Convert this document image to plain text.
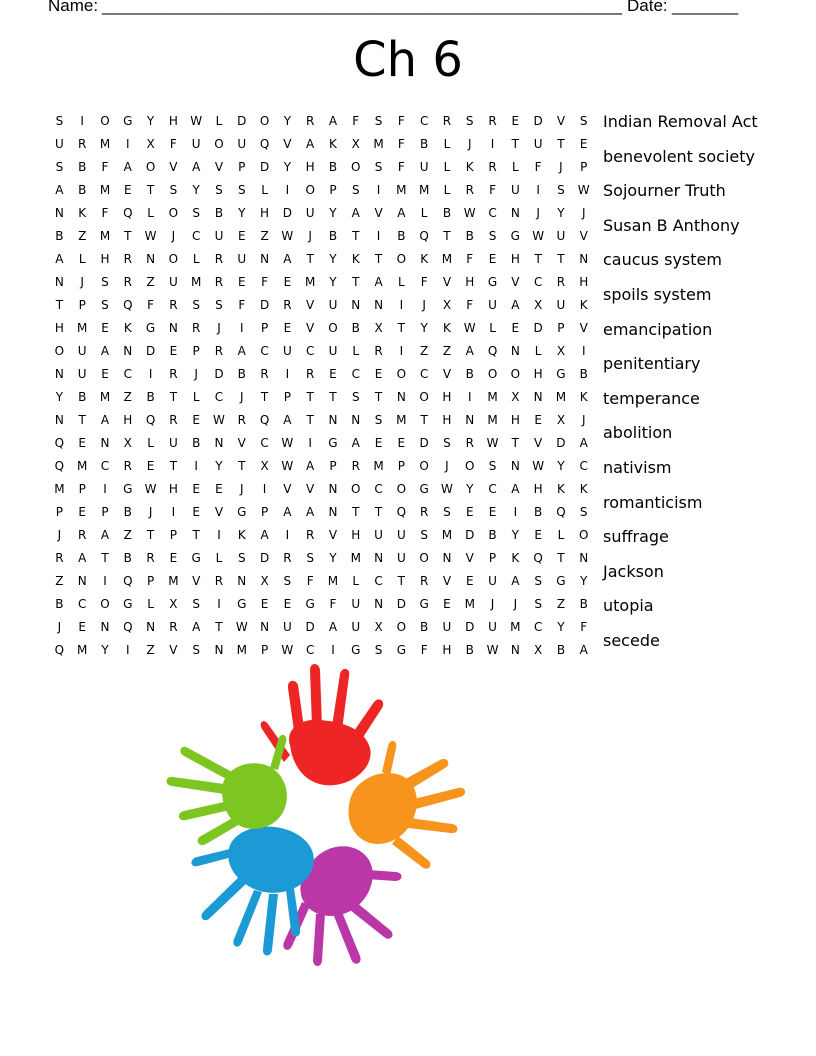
Name: _______________________________________________________ Date: _______
Ch 6
S	I	O	G	Y	H	W	L	D	O	Y	R	A	F	S	F	C	R	S	R	E	D	V	S
U	R	M	I	X	F	U	O	U	Q	V	A	K	X	M	F	B	L	J	I	T	U	T	E
S	B	F	A	O	V	A	V	P	D	Y	H	B	O	S	F	U	L	K	R	L	F	J	P
A	B	M	E	T	S	Y	S	S	L	I	O	P	S	I	M	M	L	R	F	U	I	S	W
N	K	F	Q	L	O	S	B	Y	H	D	U	Y	A	V	A	L	B	W	C	N	J	Y	J
B	Z	M	T	W	J	C	U	E	Z	W	J	B	T	I	B	Q	T	B	S	G	W	U	V
A	L	H	R	N	O	L	R	U	N	A	T	Y	K	T	O	K	M	F	E	H	T	T	N
N	J	S	R	Z	U	M	R	E	F	E	M	Y	T	A	L	F	V	H	G	V	C	R	H
T	P	S	Q	F	R	S	S	F	D	R	V	U	N	N	I	J	X	F	U	A	X	U	K
H	M	E	K	G	N	R	J	I	P	E	V	O	B	X	T	Y	K	W	L	E	D	P	V
O	U	A	N	D	E	P	R	A	C	U	C	U	L	R	I	Z	Z	A	Q	N	L	X	I
N	U	E	C	I	R	J	D	B	R	I	R	E	C	E	O	C	V	B	O	O	H	G	B
Y	B	M	Z	B	T	L	C	J	T	P	T	T	S	T	N	O	H	I	M	X	N	M	K
N	T	A	H	Q	R	E	W	R	Q	A	T	N	N	S	M	T	H	N	M	H	E	X	J
Q	E	N	X	L	U	B	N	V	C	W	I	G	A	E	E	D	S	R	W	T	V	D	A
Q	M	C	R	E	T	I	Y	T	X	W	A	P	R	M	P	O	J	O	S	N	W	Y	C
M	P	I	G	W	H	E	E	J	I	V	V	N	O	C	O	G	W	Y	C	A	H	K	K
P	E	P	B	J	I	E	V	G	P	A	A	N	T	T	Q	R	S	E	E	I	B	Q	S
J	R	A	Z	T	P	T	I	K	A	I	R	V	H	U	U	S	M	D	B	Y	E	L	O
R	A	T	B	R	E	G	L	S	D	R	S	Y	M	N	U	O	N	V	P	K	Q	T	N
Z	N	I	Q	P	M	V	R	N	X	S	F	M	L	C	T	R	V	E	U	A	S	G	Y
B	C	O	G	L	X	S	I	G	E	E	G	F	U	N	D	G	E	M	J	J	S	Z	B
J	E	N	Q	N	R	A	T	W	N	U	D	A	U	X	O	B	U	D	U	M	C	Y	F
Q	M	Y	I	Z	V	S	N	M	P	W	C	I	G	S	G	F	H	B	W	N	X	B	A
Indian Removal Act
benevolent society
Sojourner Truth
Susan B Anthony
caucus system
spoils system
emancipation
penitentiary
temperance
abolition
nativism
romanticism
suffrage
Jackson
utopia
secede
